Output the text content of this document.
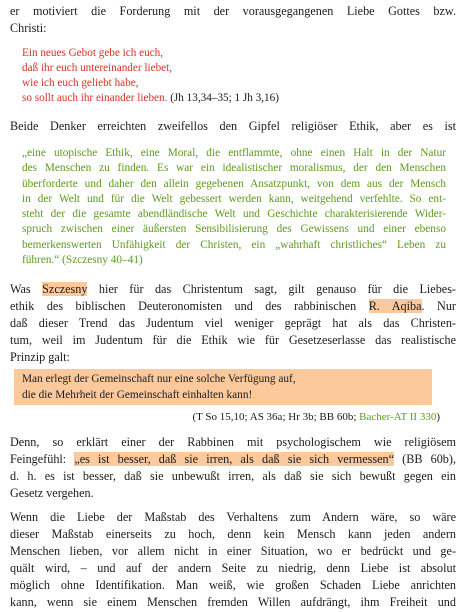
er motiviert die Forderung mit der vorausgegangenen Liebe Gottes bzw.

Christi:

Ein neues Gebot gebe ich euch,

daß ihr euch untereinander liebet,

wie ich euch geliebt habe,

so sollt auch ihr einander lieben. (Jh 13,34–35; 1 Jh 3,16)

Beide Denker erreichten zweifellos den Gipfel religiöser Ethik, aber es ist

„eine utopische Ethik, eine Moral, die entflammte, ohne einen Halt in der Natur

des Menschen zu finden. Es war ein idealistischer moralismus, der den Menschen

überforderte und daher den allein gegebenen Ansatzpunkt, von dem aus der Mensch

in der Welt und für die Welt gebessert werden kann, weitgehend verfehlte. So ent-

steht der die gesamte abendländische Welt und Geschichte charakterisierende Wider-

spruch zwischen einer äußersten Sensibilisierung des Gewissens und einer ebenso

bemerkenswerten Unfähigkeit der Christen, ein „wahrhaft christliches“ Leben zu

führen.“ (Szczesny 40–41)

Was Szczesny hier für das Christentum sagt, gilt genauso für die Liebes-

ethik des biblischen Deuteronomisten und des rabbinischen R. Aqiba. Nur

daß dieser Trend das Judentum viel weniger geprägt hat als das Christen-

tum, weil im Judentum für die Ethik wie für Gesetzeserlasse das realistische

Prinzip galt:

Man erlegt der Gemeinschaft nur eine solche Verfügung auf,
die die Mehrheit der Gemeinschaft einhalten kann!

(T So 15,10; AS 36a; Hr 3b; BB 60b; Bacher-AT II 330)

Denn, so erklärt einer der Rabbinen mit psychologischem wie religiösem

Feingefühl: „es ist besser, daß sie irren, als daß sie sich vermessen“ (BB 60b),

d. h. es ist besser, daß sie unbewußt irren, als daß sie sich bewußt gegen ein

Gesetz vergehen.

Wenn die Liebe der Maßstab des Verhaltens zum Andern wäre, so wäre

dieser Maßstab einerseits zu hoch, denn kein Mensch kann jeden andern

Menschen lieben, vor allem nicht in einer Situation, wo er bedrückt und ge-

quält wird, – und auf der andern Seite zu niedrig, denn Liebe ist absolut

möglich ohne Identifikation. Man weiß, wie großen Schaden Liebe anrichten

kann, wenn sie einem Menschen fremden Willen aufdrängt, ihm Freiheit und
